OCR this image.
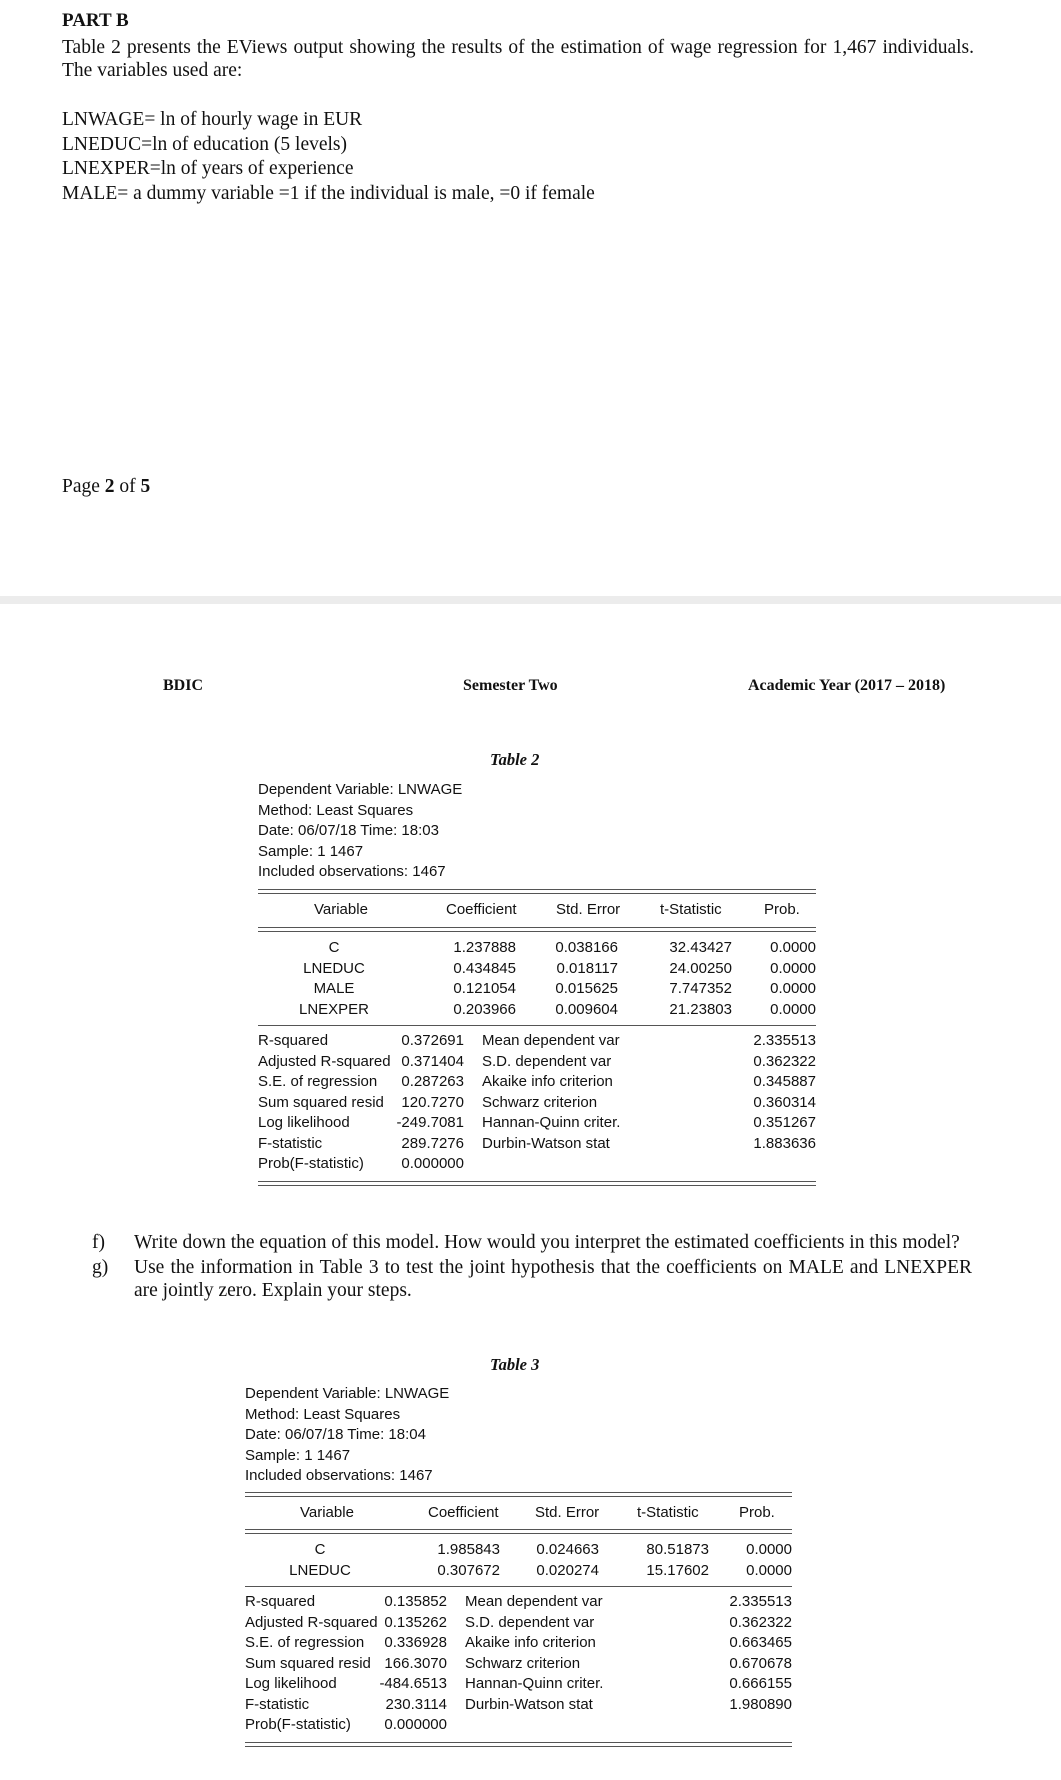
PART B
Table 2 presents the EViews output showing the results of the estimation of wage regression for 1,467 individuals. The variables used are:
LNWAGE= ln of hourly wage in EUR
LNEDUC=ln of education (5 levels)
LNEXPER=ln of years of experience
MALE= a dummy variable =1 if the individual is male, =0 if female
Page 2 of 5
BDIC	Semester Two	Academic Year (2017 – 2018)
Table 2
Dependent Variable: LNWAGE
Method: Least Squares
Date: 06/07/18 Time: 18:03
Sample: 1 1467
Included observations: 1467
Variable	Coefficient	Std. Error	t-Statistic	Prob.
C	1.237888	0.038166	32.43427	0.0000
LNEDUC	0.434845	0.018117	24.00250	0.0000
MALE	0.121054	0.015625	7.747352	0.0000
LNEXPER	0.203966	0.009604	21.23803	0.0000
R-squared	0.372691 Mean dependent var	2.335513
Adjusted R-squared 0.371404 S.D. dependent var	0.362322
S.E. of regression 0.287263 Akaike info criterion	0.345887
Sum squared resid 120.7270 Schwarz criterion	0.360314
Log likelihood	-249.7081 Hannan-Quinn criter.	0.351267
F-statistic	289.7276 Durbin-Watson stat	1.883636
Prob(F-statistic)	0.000000
f) Write down the equation of this model. How would you interpret the estimated coefficients in this model?
g) Use the information in Table 3 to test the joint hypothesis that the coefficients on MALE and LNEXPER are jointly zero. Explain your steps.
Table 3
Dependent Variable: LNWAGE
Method: Least Squares
Date: 06/07/18 Time: 18:04
Sample: 1 1467
Included observations: 1467
Variable	Coefficient Std. Error	t-Statistic	Prob.
C	1.985843 0.024663	80.51873 0.0000
LNEDUC	0.307672 0.020274	15.17602 0.0000
R-squared	0.135852 Mean dependent var	2.335513
Adjusted R-squared 0.135262 S.D. dependent var	0.362322
S.E. of regression 0.336928 Akaike info criterion	0.663465
Sum squared resid 166.3070 Schwarz criterion	0.670678
Log likelihood	-484.6513 Hannan-Quinn criter.	0.666155
F-statistic	230.3114 Durbin-Watson stat	1.980890
Prob(F-statistic) 0.000000
